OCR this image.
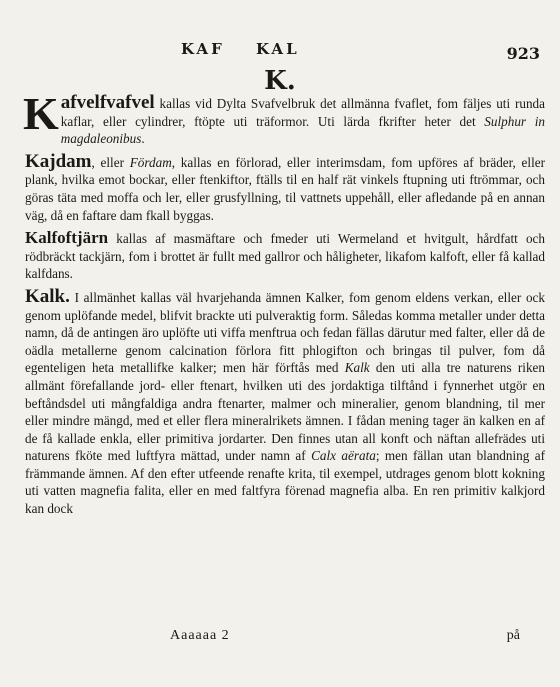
KAF KAL	923
K.

Kafvelfvafvel kallas vid Dylta Svafvelbruk det allmänna fvaflet, fom fäljes uti runda kaflar, eller cylindrer, ftöpte uti träformor. Uti lärda fkrifter heter det Sulphur in magdaleonibus.

Kajdam, eller Fördam, kallas en förlorad, eller interimsdam, fom upföres af bräder, eller plank, hvilka emot bockar, eller ftenkiftor, ftälls til en half rät vinkels ftupning uti ftrömmar, och göras täta med moffa och ler, eller grusfyllning, til vattnets uppehåll, eller afledande på en annan väg, då en faftare dam fkall byggas.

Kalfoftjärn kallas af masmäftare och fmeder uti Wermeland et hvitgult, hårdfatt och rödbräckt tackjärn, fom i brottet är fullt med gallror och håligheter, likafom kalfoft, eller få kallad kalfdans.

Kalk. I allmänhet kallas väl hvarjehanda ämnen Kalker, fom genom eldens verkan, eller ock genom uplöfande medel, blifvit brackte uti pulveraktig form. Såledas komma metaller under detta namn, då de antingen äro uplöfte uti viffa menftrua och fedan fällas därutur med falter, eller då de oädla metallerne genom calcination förlora fitt phlogifton och bringas til pulver, fom då egenteligen heta metallifke kalker; men här förftås med Kalk den uti alla tre naturens riken allmänt förefallande jord- eller ftenart, hvilken uti des jordaktiga tilftånd i fynnerhet utgör en beftåndsdel uti mångfaldiga andra ftenarter, malmer och mineralier, genom blandning, til mer eller mindre mängd, med et eller flera mineralrikets ämnen. I fådan mening tager än kalken en af de få kallade enkla, eller primitiva jordarter. Den finnes utan all konft och näftan allefrädes uti naturens fköte med luftfyra mättad, under namn af Calx aërata; men fällan utan blandning af främmande ämnen. Af den efter utfeende renafte krita, til exempel, utdrages genom blott kokning uti vatten magnefia falita, eller en med faltfyra förenad magnefia alba. En ren primitiv kalkjord kan dock

Aaaaaa 2	på
